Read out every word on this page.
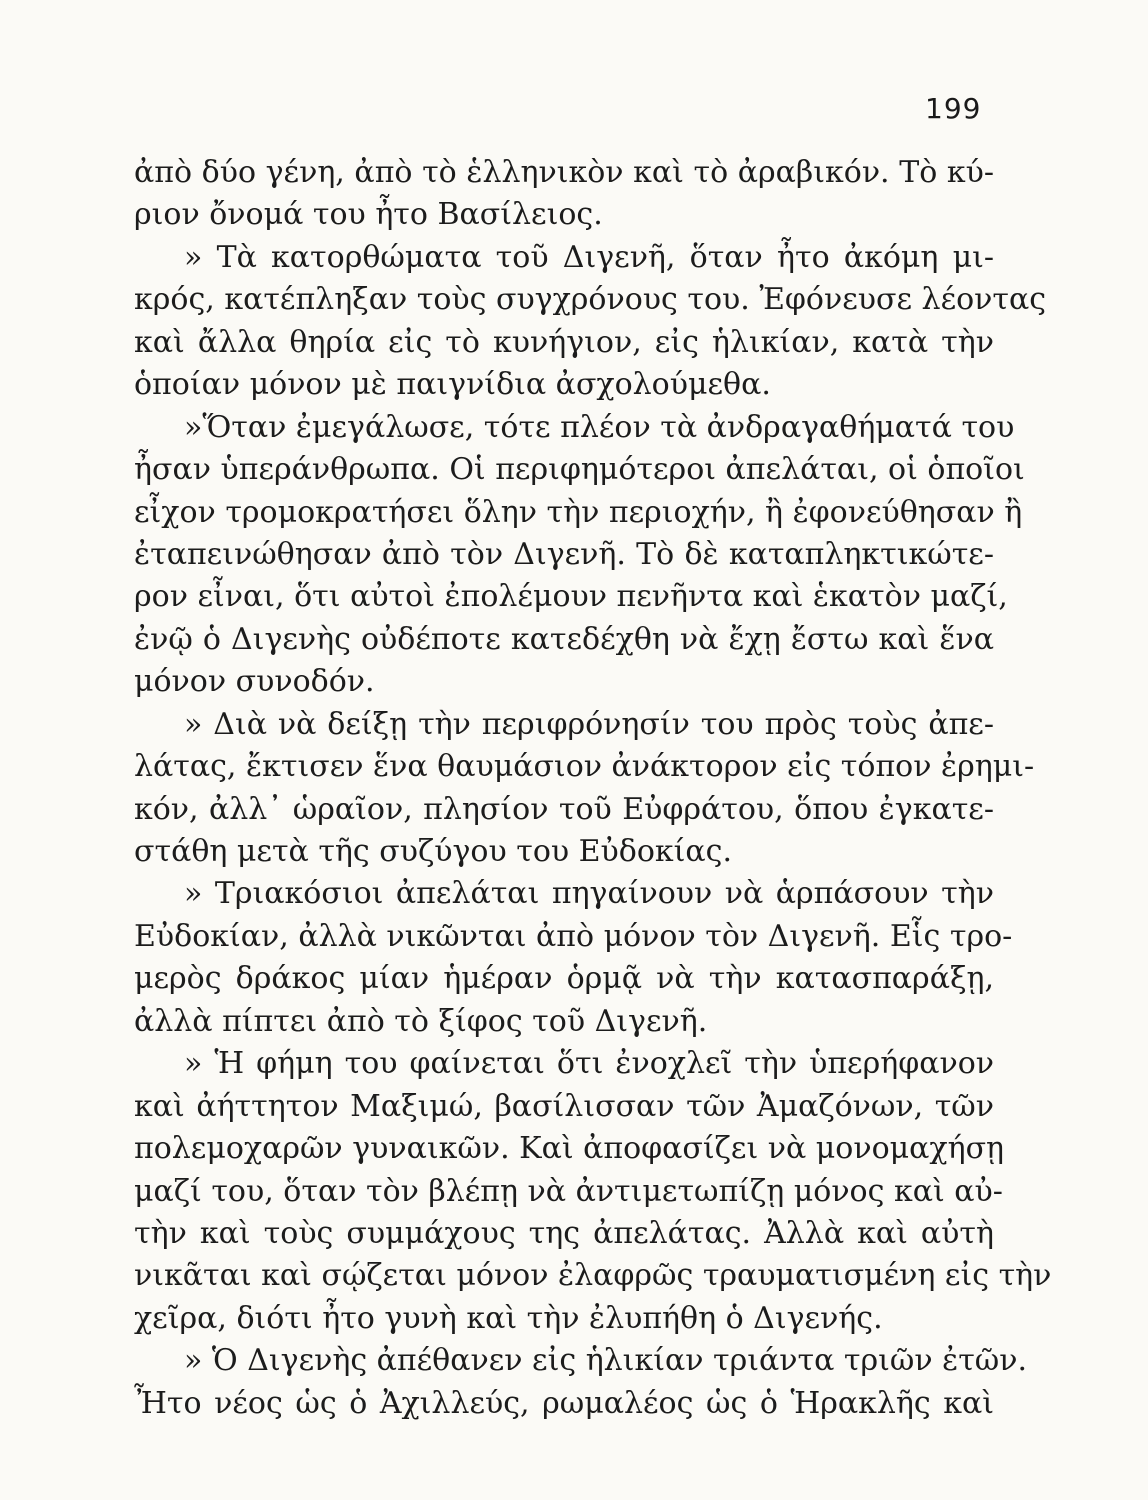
199
ἀπὸ δύο γένη, ἀπὸ τὸ ἑλληνικὸν καὶ τὸ ἀραβικόν. Τὸ κύ-
ριον ὄνομά του ἦτο Βασίλειος.
» Τὰ κατορθώματα τοῦ Διγενῆ, ὅταν ἦτο ἀκόμη μι-
κρός, κατέπληξαν τοὺς συγχρόνους του. Ἐφόνευσε λέοντας
καὶ ἄλλα θηρία εἰς τὸ κυνήγιον, εἰς ἡλικίαν, κατὰ τὴν
ὁποίαν μόνον μὲ παιγνίδια ἀσχολούμεθα.
»Ὅταν ἐμεγάλωσε, τότε πλέον τὰ ἀνδραγαθήματά του
ἦσαν ὑπεράνθρωπα. Οἱ περιφημότεροι ἀπελάται, οἱ ὁποῖοι
εἶχον τρομοκρατήσει ὅλην τὴν περιοχήν, ἢ ἐφονεύθησαν ἢ
ἐταπεινώθησαν ἀπὸ τὸν Διγενῆ. Τὸ δὲ καταπληκτικώτε-
ρον εἶναι, ὅτι αὐτοὶ ἐπολέμουν πενῆντα καὶ ἑκατὸν μαζί,
ἐνῷ ὁ Διγενὴς οὐδέποτε κατεδέχθη νὰ ἔχῃ ἔστω καὶ ἕνα
μόνον συνοδόν.
» Διὰ νὰ δείξῃ τὴν περιφρόνησίν του πρὸς τοὺς ἀπε-
λάτας, ἔκτισεν ἕνα θαυμάσιον ἀνάκτορον εἰς τόπον ἐρημι-
κόν, ἀλλ᾿ ὡραῖον, πλησίον τοῦ Εὐφράτου, ὅπου ἐγκατε-
στάθη μετὰ τῆς συζύγου του Εὐδοκίας.
» Τριακόσιοι ἀπελάται πηγαίνουν νὰ ἁρπάσουν τὴν
Εὐδοκίαν, ἀλλὰ νικῶνται ἀπὸ μόνον τὸν Διγενῆ. Εἷς τρο-
μερὸς δράκος μίαν ἡμέραν ὁρμᾷ νὰ τὴν κατασπαράξῃ,
ἀλλὰ πίπτει ἀπὸ τὸ ξίφος τοῦ Διγενῆ.
» Ἡ φήμη του φαίνεται ὅτι ἐνοχλεῖ τὴν ὑπερήφανον
καὶ ἀήττητον Μαξιμώ, βασίλισσαν τῶν Ἀμαζόνων, τῶν
πολεμοχαρῶν γυναικῶν. Καὶ ἀποφασίζει νὰ μονομαχήσῃ
μαζί του, ὅταν τὸν βλέπῃ νὰ ἀντιμετωπίζῃ μόνος καὶ αὐ-
τὴν καὶ τοὺς συμμάχους της ἀπελάτας. Ἀλλὰ καὶ αὐτὴ
νικᾶται καὶ σῴζεται μόνον ἐλαφρῶς τραυματισμένη εἰς τὴν
χεῖρα, διότι ἦτο γυνὴ καὶ τὴν ἐλυπήθη ὁ Διγενής.
» Ὁ Διγενὴς ἀπέθανεν εἰς ἡλικίαν τριάντα τριῶν ἐτῶν.
Ἦτο νέος ὡς ὁ Ἀχιλλεύς, ρωμαλέος ὡς ὁ Ἡρακλῆς καὶ
